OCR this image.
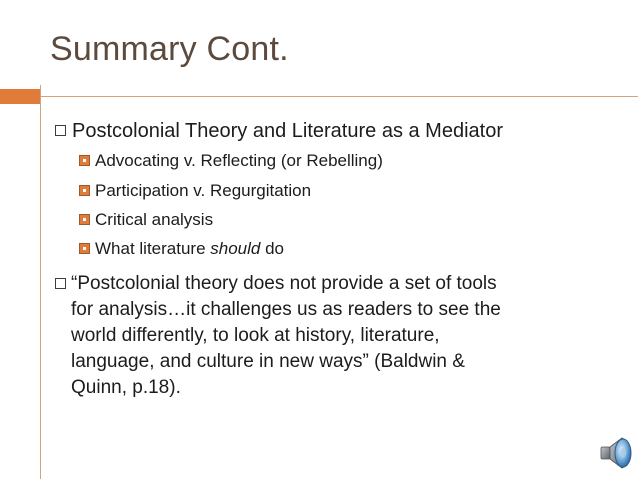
Summary Cont.
Postcolonial Theory and Literature as a Mediator
Advocating v. Reflecting (or Rebelling)
Participation v. Regurgitation
Critical analysis
What literature should do
“Postcolonial theory does not provide a set of tools
for analysis…it challenges us as readers to see the
world differently, to look at history, literature,
language, and culture in new ways” (Baldwin &
Quinn, p.18).
